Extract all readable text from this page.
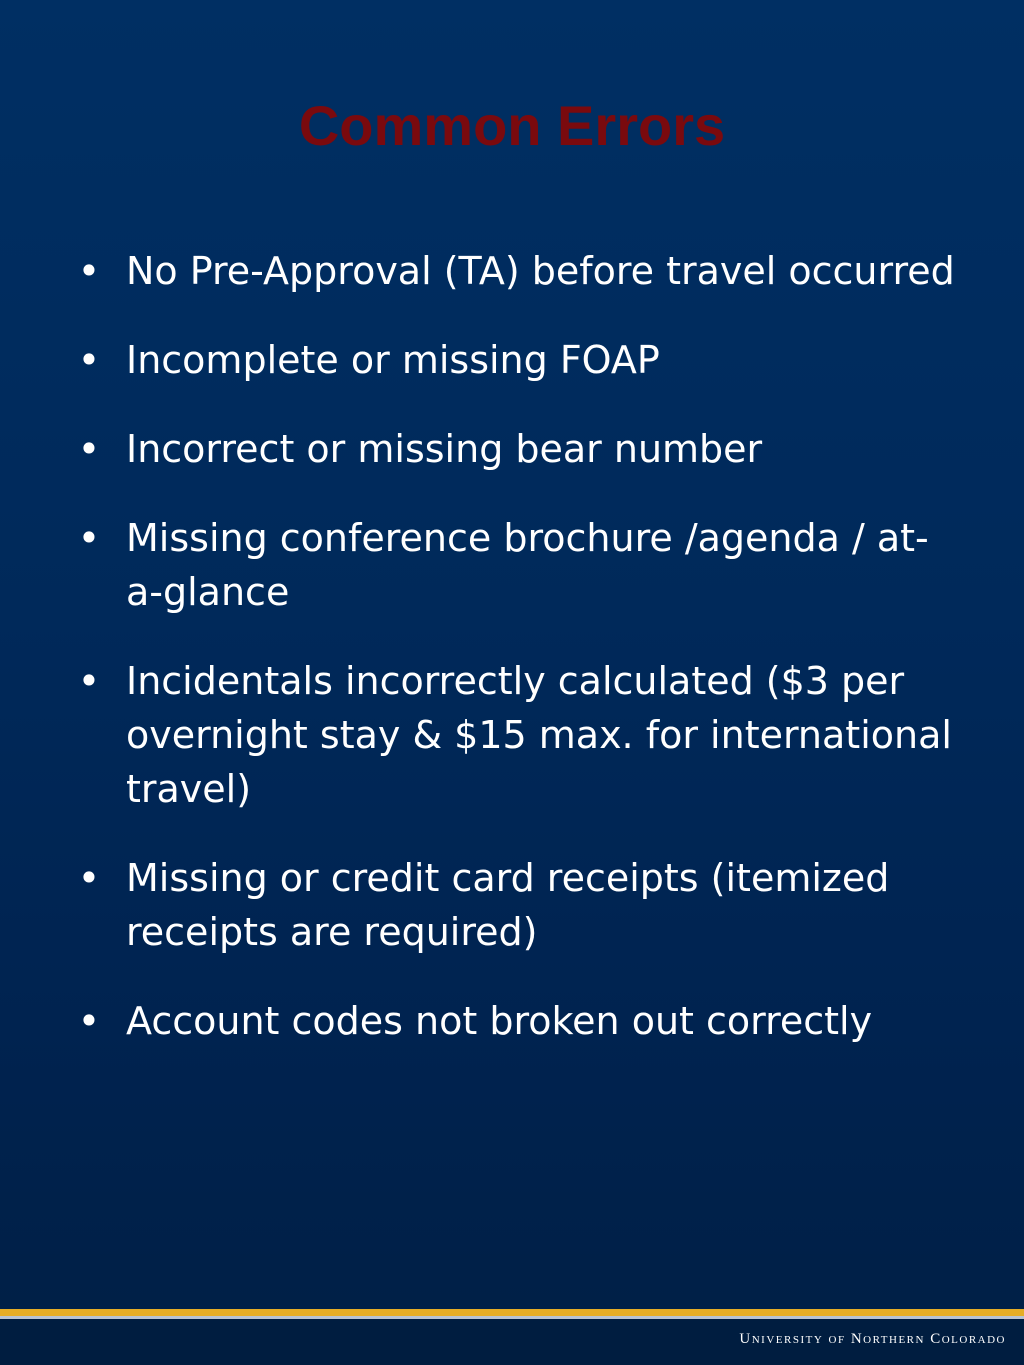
Common Errors
• No Pre-Approval (TA) before travel occurred
• Incomplete or missing FOAP
• Incorrect or missing bear number
• Missing conference brochure /agenda / at-a-glance
• Incidentals incorrectly calculated ($3 per overnight stay & $15 max. for international travel)
• Missing or credit card receipts (itemized receipts are required)
• Account codes not broken out correctly
University of Northern Colorado
